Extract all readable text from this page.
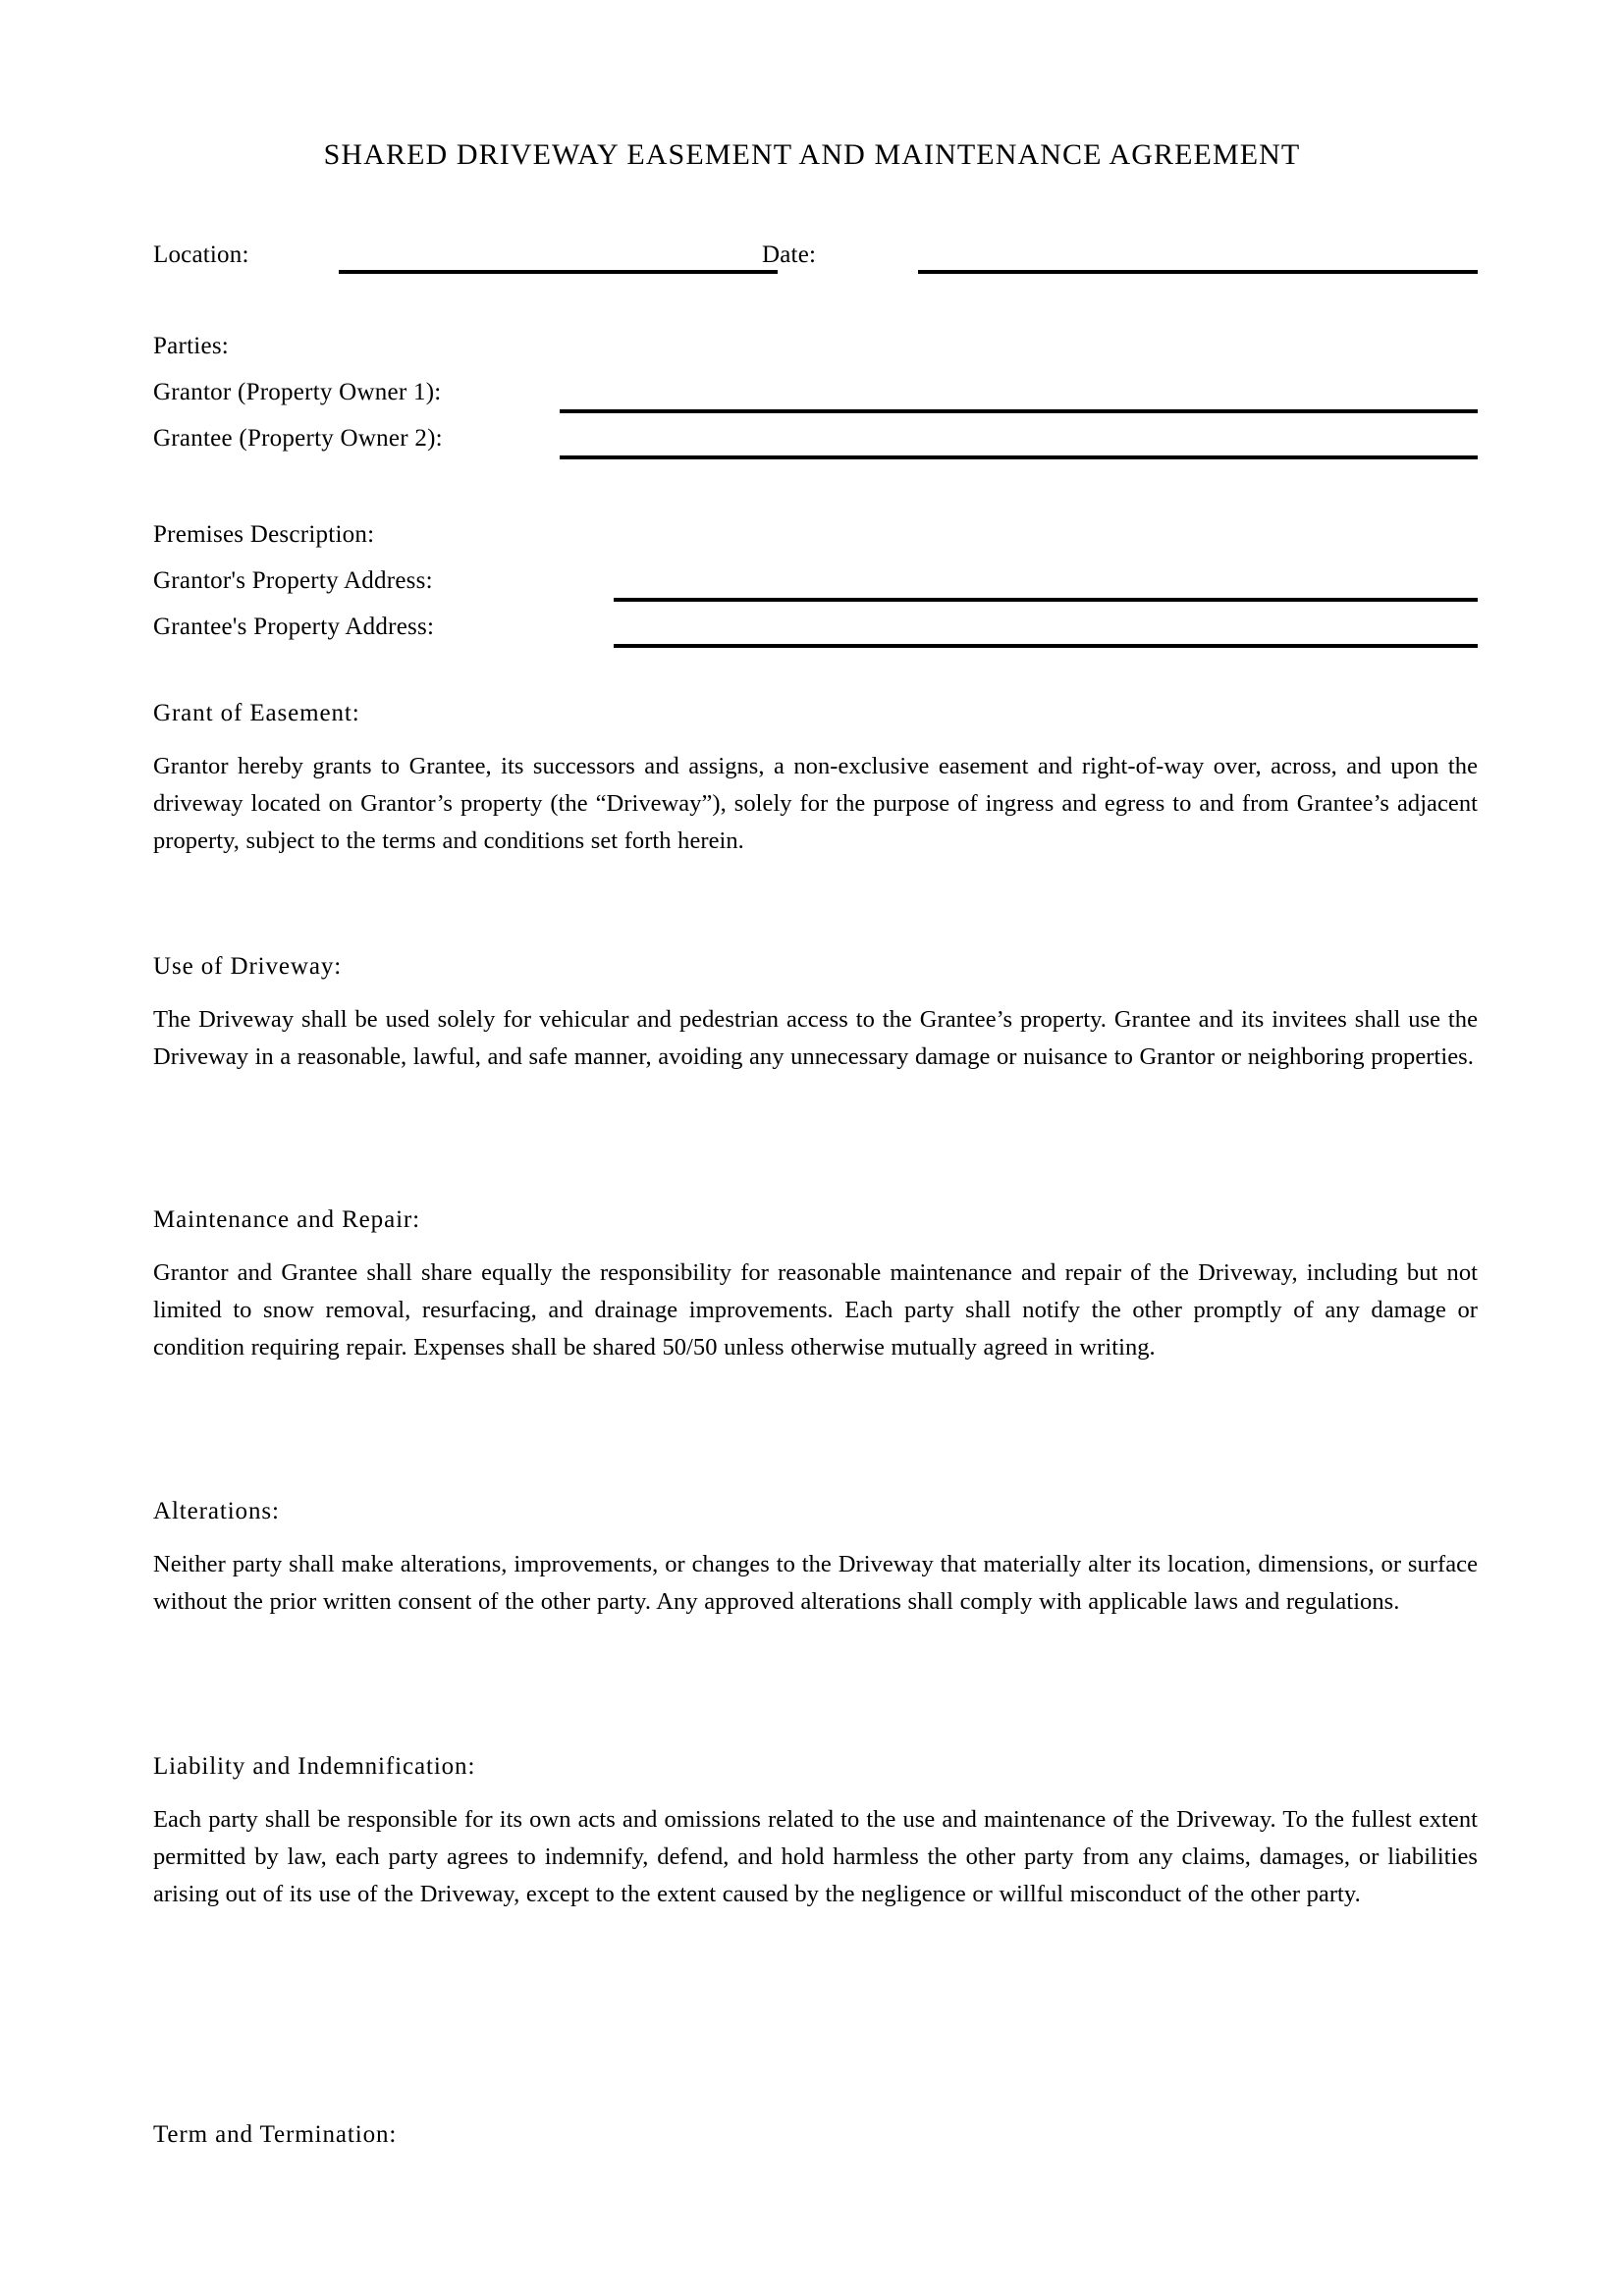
SHARED DRIVEWAY EASEMENT AND MAINTENANCE AGREEMENT
Location:	Date:
Parties:
Grantor (Property Owner 1):
Grantee (Property Owner 2):
Premises Description:
Grantor's Property Address:
Grantee's Property Address:
Grant of Easement:

Grantor hereby grants to Grantee, its successors and assigns, a non-exclusive easement and right-of-way over, across, and upon the driveway located on Grantor’s property (the “Driveway”), solely for the purpose of ingress and egress to and from Grantee’s adjacent property, subject to the terms and conditions set forth herein.

Use of Driveway:

The Driveway shall be used solely for vehicular and pedestrian access to the Grantee’s property. Grantee and its invitees shall use the Driveway in a reasonable, lawful, and safe manner, avoiding any unnecessary damage or nuisance to Grantor or neighboring properties.

Maintenance and Repair:

Grantor and Grantee shall share equally the responsibility for reasonable maintenance and repair of the Driveway, including but not limited to snow removal, resurfacing, and drainage improvements. Each party shall notify the other promptly of any damage or condition requiring repair. Expenses shall be shared 50/50 unless otherwise mutually agreed in writing.

Alterations:

Neither party shall make alterations, improvements, or changes to the Driveway that materially alter its location, dimensions, or surface without the prior written consent of the other party. Any approved alterations shall comply with applicable laws and regulations.

Liability and Indemnification:

Each party shall be responsible for its own acts and omissions related to the use and maintenance of the Driveway. To the fullest extent permitted by law, each party agrees to indemnify, defend, and hold harmless the other party from any claims, damages, or liabilities arising out of its use of the Driveway, except to the extent caused by the negligence or willful misconduct of the other party.

Term and Termination:
